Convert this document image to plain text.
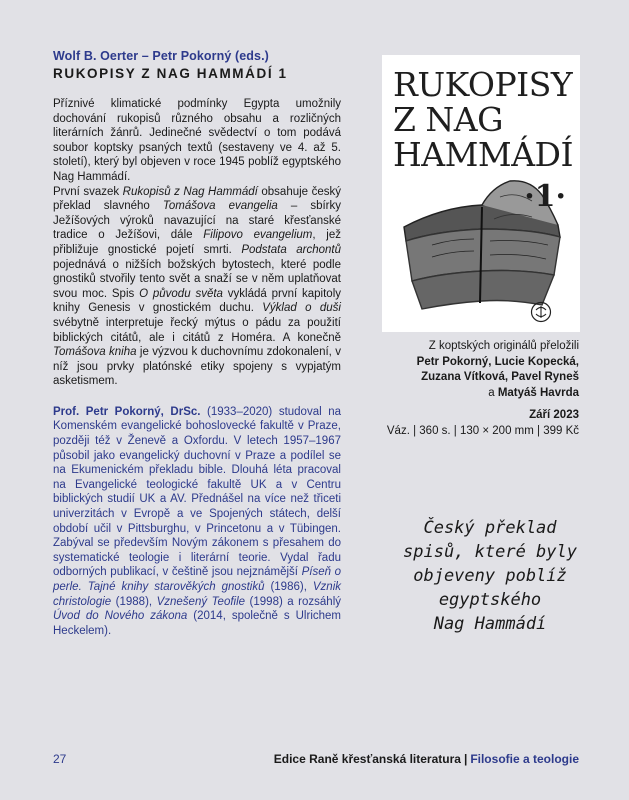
Wolf B. Oerter – Petr Pokorný (eds.)
RUKOPISY Z NAG HAMMÁDÍ 1

Příznivé klimatické podmínky Egypta umožnily dochování rukopisů různého obsahu a rozličných literárních žánrů. Jedinečné svědectví o tom podává soubor koptsky psaných textů (sestaveny ve 4. až 5. století), který byl objeven v roce 1945 poblíž egyptského Nag Hammádí.

První svazek Rukopisů z Nag Hammádí obsahuje český překlad slavného Tomášova evangelia – sbírky Ježíšových výroků navazující na staré křesťanské tradice o Ježíšovi, dále Filipovo evangelium, jež přibližuje gnostické pojetí smrti. Podstata archontů pojednává o nižších božských bytostech, které podle gnostiků stvořily tento svět a snaží se v něm uplatňovat svou moc. Spis O původu světa vykládá první kapitoly knihy Genesis v gnostickém duchu. Výklad o duši svébytně interpretuje řecký mýtus o pádu za použití biblických citátů, ale i citátů z Homéra. A konečně Tomášova kniha je výzvou k duchovnímu zdokonalení, v níž jsou prvky platónské etiky spojeny s vypjatým asketismem.

Prof. Petr Pokorný, DrSc. (1933–2020) studoval na Komenském evangelické bohoslovecké fakultě v Praze, později též v Ženevě a Oxfordu. V letech 1957–1967 působil jako evangelický duchovní v Praze a podílel se na Ekumenickém překladu bible. Dlouhá léta pracoval na Evangelické teologické fakultě UK a v Centru biblických studií UK a AV. Přednášel na více než třiceti univerzitách v Evropě a ve Spojených státech, delší období učil v Pittsburghu, v Princetonu a v Tübingen. Zabýval se především Novým zákonem s přesahem do systematické teologie i literární teorie. Vydal řadu odborných publikací, v češtině jsou nejznámější Píseň o perle. Tajné knihy starověkých gnostiků (1986), Vznik christologie (1988), Vznešený Teofile (1998) a rozsáhlý Úvod do Nového zákona (2014, společně s Ulrichem Heckelem).
RUKOPISY
Z NAG
HAMMÁDÍ
·1·
Z koptských originálů přeložili
Petr Pokorný, Lucie Kopecká,
Zuzana Vítková, Pavel Ryneš
a Matyáš Havrda
Září 2023
Váz. | 360 s. | 130 × 200 mm | 399 Kč
Český překlad
spisů, které byly
objeveny poblíž
egyptského
Nag Hammádí
27	Edice Raně křesťanská literatura | Filosofie a teologie
